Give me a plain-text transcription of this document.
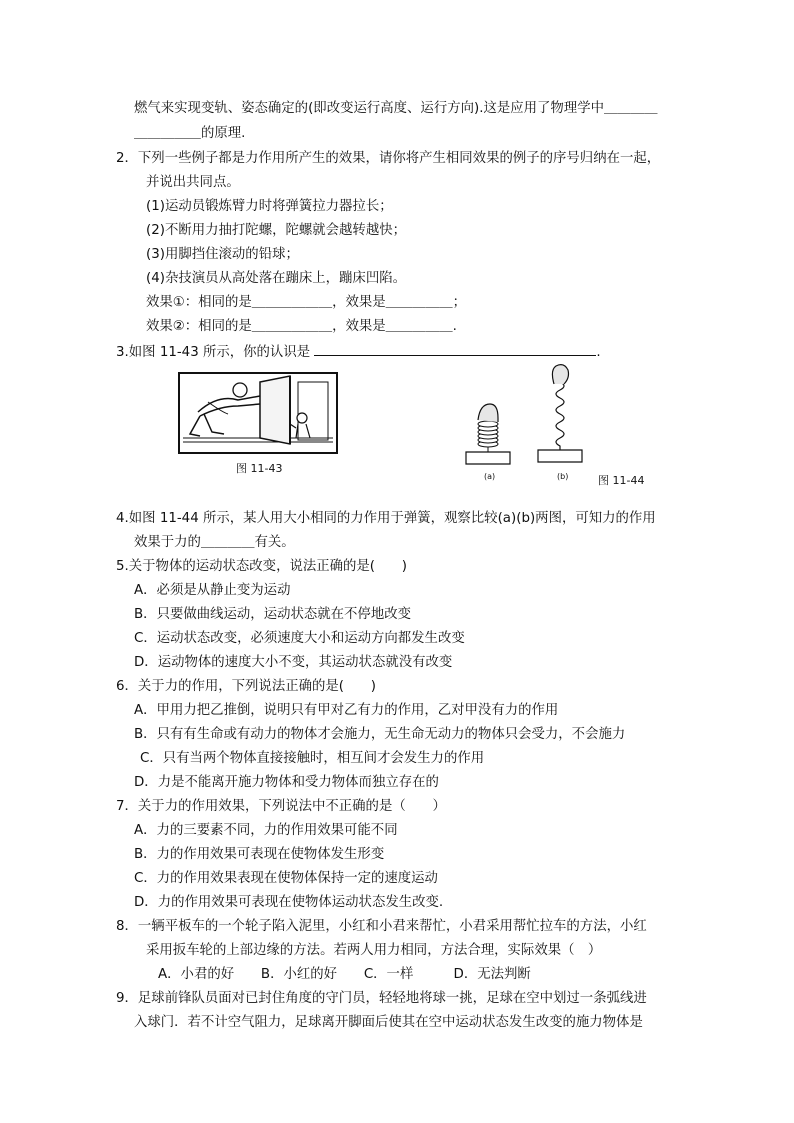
燃气来实现变轨、姿态确定的(即改变运行高度、运行方向).这是应用了物理学中＿＿＿＿
＿＿＿＿＿的原理.
2．下列一些例子都是力作用所产生的效果，请你将产生相同效果的例子的序号归纳在一起，
并说出共同点。
(1)运动员锻炼臂力时将弹簧拉力器拉长；
(2)不断用力抽打陀螺，陀螺就会越转越快；
(3)用脚挡住滚动的铅球；
(4)杂技演员从高处落在蹦床上，蹦床凹陷。
效果①：相同的是＿＿＿＿＿＿，效果是＿＿＿＿＿；
效果②：相同的是＿＿＿＿＿＿，效果是＿＿＿＿＿.
3.如图 11-43 所示，你的认识是	.
图 11-43
(a)	(b)	图 11-44
4.如图 11-44 所示，某人用大小相同的力作用于弹簧，观察比较(a)(b)两图，可知力的作用
效果于力的＿＿＿＿有关。
5.关于物体的运动状态改变，说法正确的是(　　)
A．必须是从静止变为运动
B．只要做曲线运动，运动状态就在不停地改变
C．运动状态改变，必须速度大小和运动方向都发生改变
D．运动物体的速度大小不变，其运动状态就没有改变
6．关于力的作用，下列说法正确的是(　　)
A．甲用力把乙推倒，说明只有甲对乙有力的作用，乙对甲没有力的作用
B．只有有生命或有动力的物体才会施力，无生命无动力的物体只会受力，不会施力
C．只有当两个物体直接接触时，相互间才会发生力的作用
D．力是不能离开施力物体和受力物体而独立存在的
7．关于力的作用效果，下列说法中不正确的是（　　）
A．力的三要素不同，力的作用效果可能不同
B．力的作用效果可表现在使物体发生形变
C．力的作用效果表现在使物体保持一定的速度运动
D．力的作用效果可表现在使物体运动状态发生改变.
8．一辆平板车的一个轮子陷入泥里，小红和小君来帮忙，小君采用帮忙拉车的方法，小红
采用扳车轮的上部边缘的方法。若两人用力相同，方法合理，实际效果（　）
A．小君的好　　B．小红的好　　C．一样　　　D．无法判断
9．足球前锋队员面对已封住角度的守门员，轻轻地将球一挑，足球在空中划过一条弧线进
入球门．若不计空气阻力，足球离开脚面后使其在空中运动状态发生改变的施力物体是
